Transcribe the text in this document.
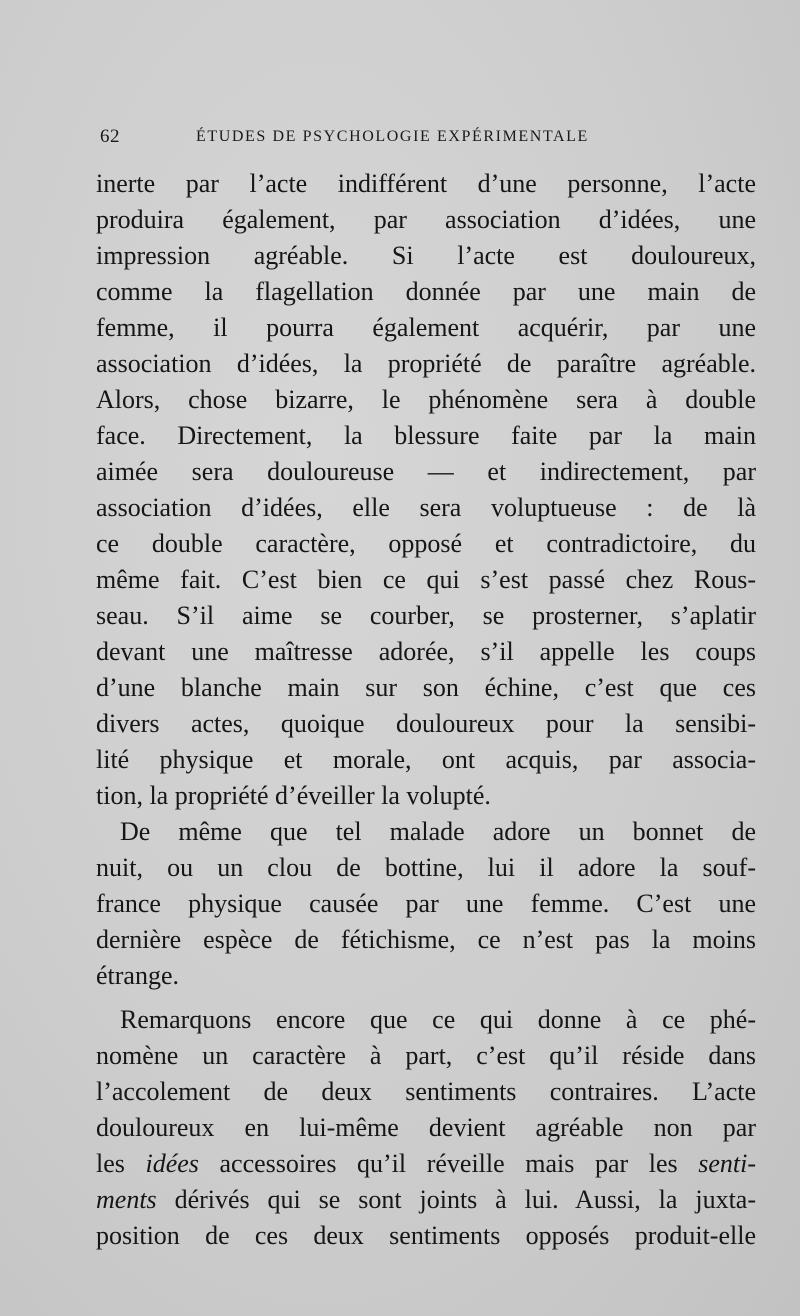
62	ÉTUDES DE PSYCHOLOGIE EXPÉRIMENTALE
inerte par l’acte indifférent d’une personne, l’acte
produira également, par association d’idées, une
impression agréable. Si l’acte est douloureux,
comme la flagellation donnée par une main de
femme, il pourra également acquérir, par une
association d’idées, la propriété de paraître agréable.
Alors, chose bizarre, le phénomène sera à double
face. Directement, la blessure faite par la main
aimée sera douloureuse — et indirectement, par
association d’idées, elle sera voluptueuse : de là
ce double caractère, opposé et contradictoire, du
même fait. C’est bien ce qui s’est passé chez Rous-
seau. S’il aime se courber, se prosterner, s’aplatir
devant une maîtresse adorée, s’il appelle les coups
d’une blanche main sur son échine, c’est que ces
divers actes, quoique douloureux pour la sensibi-
lité physique et morale, ont acquis, par associa-
tion, la propriété d’éveiller la volupté.
De même que tel malade adore un bonnet de
nuit, ou un clou de bottine, lui il adore la souf-
france physique causée par une femme. C’est une
dernière espèce de fétichisme, ce n’est pas la moins
étrange.
Remarquons encore que ce qui donne à ce phé-
nomène un caractère à part, c’est qu’il réside dans
l’accolement de deux sentiments contraires. L’acte
douloureux en lui-même devient agréable non par
les idées accessoires qu’il réveille mais par les senti-
ments dérivés qui se sont joints à lui. Aussi, la juxta-
position de ces deux sentiments opposés produit-elle
